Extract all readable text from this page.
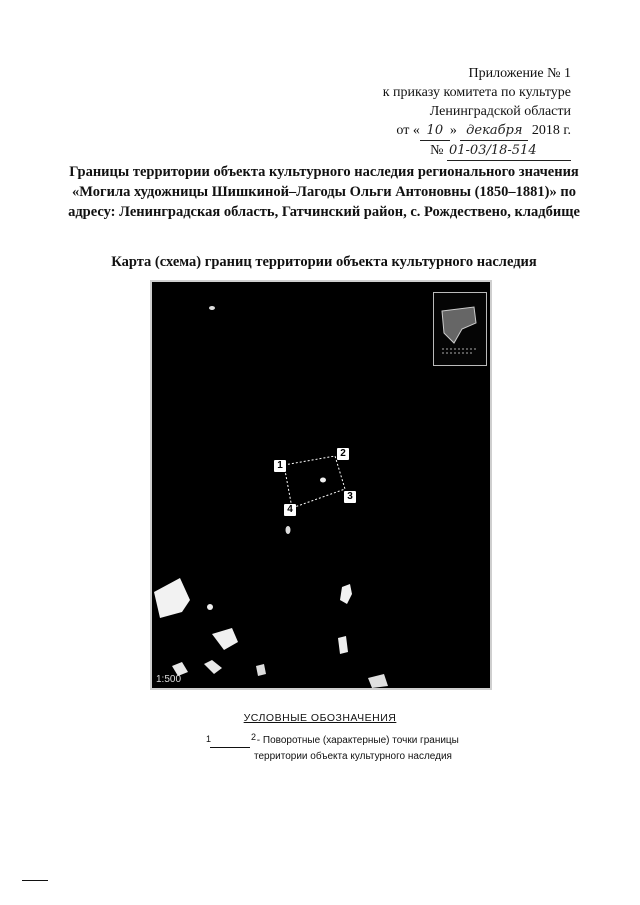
Приложение № 1
к приказу комитета по культуре
Ленинградской области
от « 10 » декабря 2018 г.
№ 01-03/18-514
Границы территории объекта культурного наследия регионального значения
«Могила художницы Шишкиной–Лагоды Ольги Антоновны (1850–1881)» по
адресу: Ленинградская область, Гатчинский район, с. Рождествено, кладбище
Карта (схема) границ территории объекта культурного наследия
1
2
3
4
1:500
УСЛОВНЫЕ ОБОЗНАЧЕНИЯ
1	2 - Поворотные (характерные) точки границы
территории объекта культурного наследия
